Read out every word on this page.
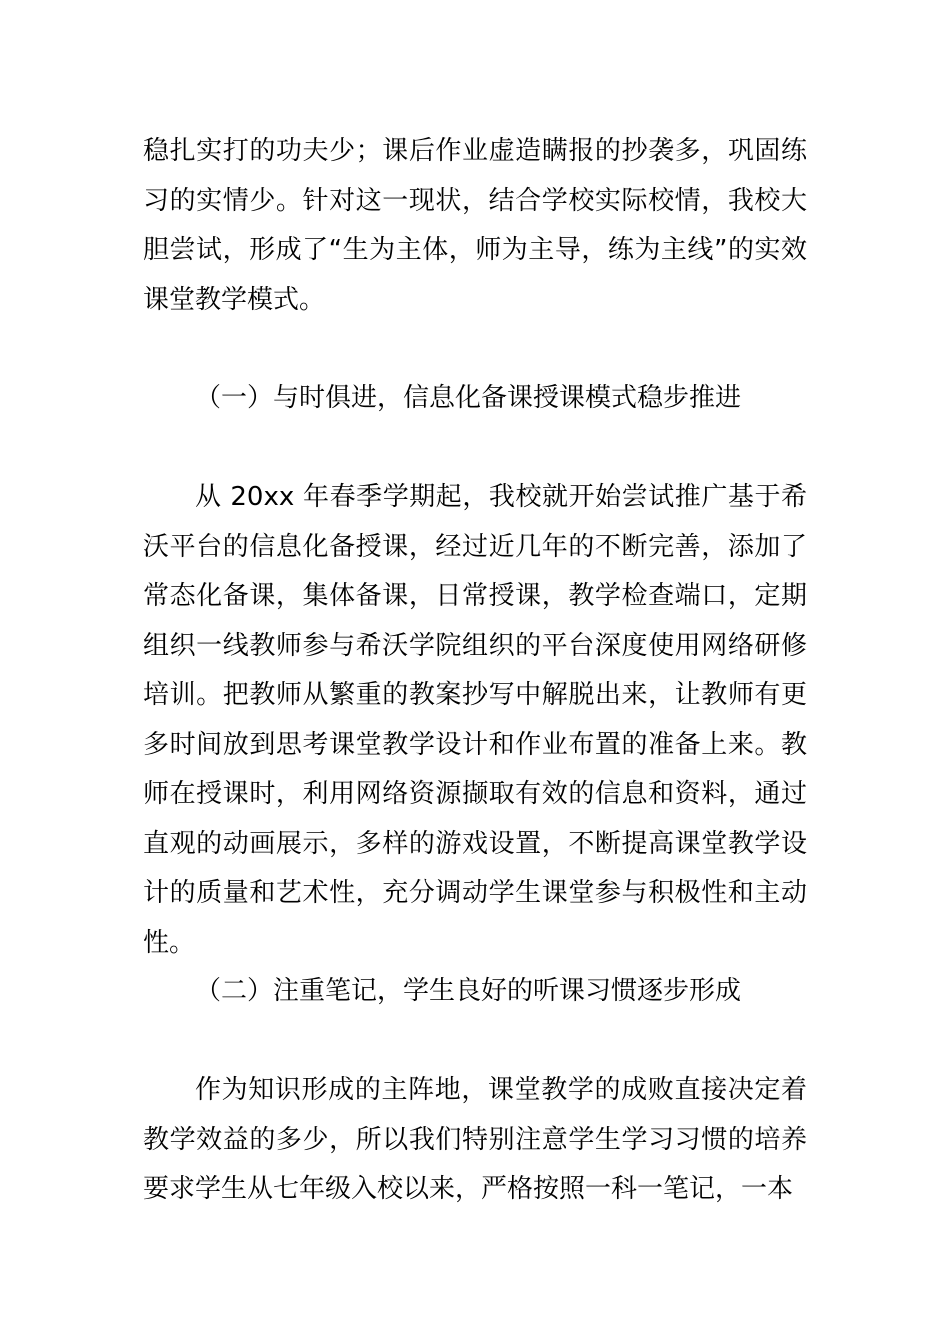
稳扎实打的功夫少；课后作业虚造瞒报的抄袭多，巩固练习的实情少。针对这一现状，结合学校实际校情，我校大胆尝试，形成了“生为主体，师为主导，练为主线”的实效课堂教学模式。

（一）与时俱进，信息化备课授课模式稳步推进

从 20xx 年春季学期起，我校就开始尝试推广基于希沃平台的信息化备授课，经过近几年的不断完善，添加了常态化备课，集体备课，日常授课，教学检查端口，定期组织一线教师参与希沃学院组织的平台深度使用网络研修培训。把教师从繁重的教案抄写中解脱出来，让教师有更多时间放到思考课堂教学设计和作业布置的准备上来。教师在授课时，利用网络资源撷取有效的信息和资料，通过直观的动画展示，多样的游戏设置，不断提高课堂教学设计的质量和艺术性，充分调动学生课堂参与积极性和主动性。

（二）注重笔记，学生良好的听课习惯逐步形成

作为知识形成的主阵地，课堂教学的成败直接决定着教学效益的多少，所以我们特别注意学生学习习惯的培养要求学生从七年级入校以来，严格按照一科一笔记，一本
